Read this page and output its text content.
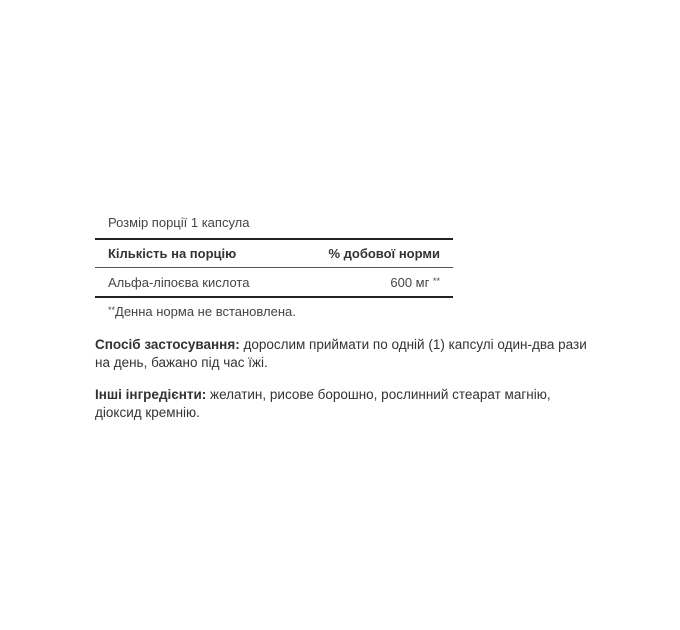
Розмір порції 1 капсула
Кількість на порцію	% добової норми
Альфа-ліпоєва кислота	600 мг **
**Денна норма не встановлена.
Спосіб застосування: дорослим приймати по одній (1) капсулі один-два рази на день, бажано під час їжі.
Інші інгредієнти: желатин, рисове борошно, рослинний стеарат магнію, діоксид кремнію.
